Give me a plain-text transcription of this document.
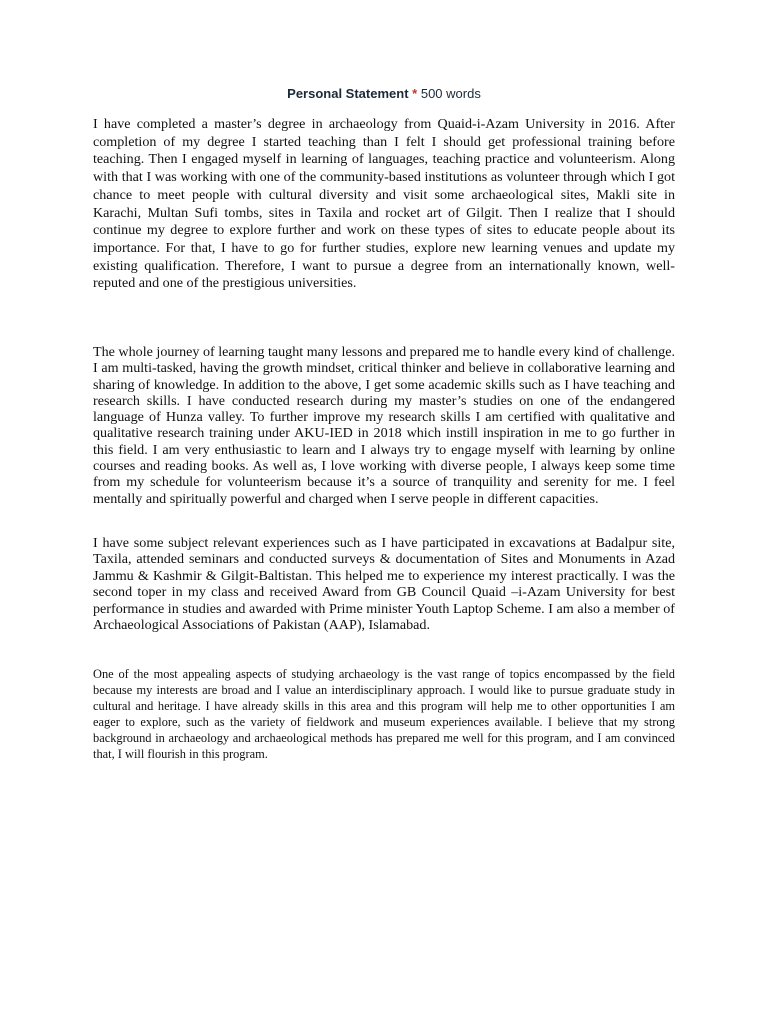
Personal Statement * 500 words

I have completed a master’s degree in archaeology from Quaid-i-Azam University in 2016. After completion of my degree I started teaching than I felt I should get professional training before teaching. Then I engaged myself in learning of languages, teaching practice and volunteerism. Along with that I was working with one of the community-based institutions as volunteer through which I got chance to meet people with cultural diversity and visit some archaeological sites, Makli site in Karachi, Multan Sufi tombs, sites in Taxila and rocket art of Gilgit. Then I realize that I should continue my degree to explore further and work on these types of sites to educate people about its importance. For that, I have to go for further studies, explore new learning venues and update my existing qualification. Therefore, I want to pursue a degree from an internationally known, well-reputed and one of the prestigious universities.

The whole journey of learning taught many lessons and prepared me to handle every kind of challenge. I am multi-tasked, having the growth mindset, critical thinker and believe in collaborative learning and sharing of knowledge. In addition to the above, I get some academic skills such as I have teaching and research skills. I have conducted research during my master’s studies on one of the endangered language of Hunza valley. To further improve my research skills I am certified with qualitative and qualitative research training under AKU-IED in 2018 which instill inspiration in me to go further in this field. I am very enthusiastic to learn and I always try to engage myself with learning by online courses and reading books. As well as, I love working with diverse people, I always keep some time from my schedule for volunteerism because it’s a source of tranquility and serenity for me. I feel mentally and spiritually powerful and charged when I serve people in different capacities.

I have some subject relevant experiences such as I have participated in excavations at Badalpur site, Taxila, attended seminars and conducted surveys & documentation of Sites and Monuments in Azad Jammu & Kashmir & Gilgit-Baltistan. This helped me to experience my interest practically. I was the second toper in my class and received Award from GB Council Quaid –i-Azam University for best performance in studies and awarded with Prime minister Youth Laptop Scheme. I am also a member of Archaeological Associations of Pakistan (AAP), Islamabad.

One of the most appealing aspects of studying archaeology is the vast range of topics encompassed by the field because my interests are broad and I value an interdisciplinary approach. I would like to pursue graduate study in cultural and heritage. I have already skills in this area and this program will help me to other opportunities I am eager to explore, such as the variety of fieldwork and museum experiences available. I believe that my strong background in archaeology and archaeological methods has prepared me well for this program, and I am convinced that, I will flourish in this program.
